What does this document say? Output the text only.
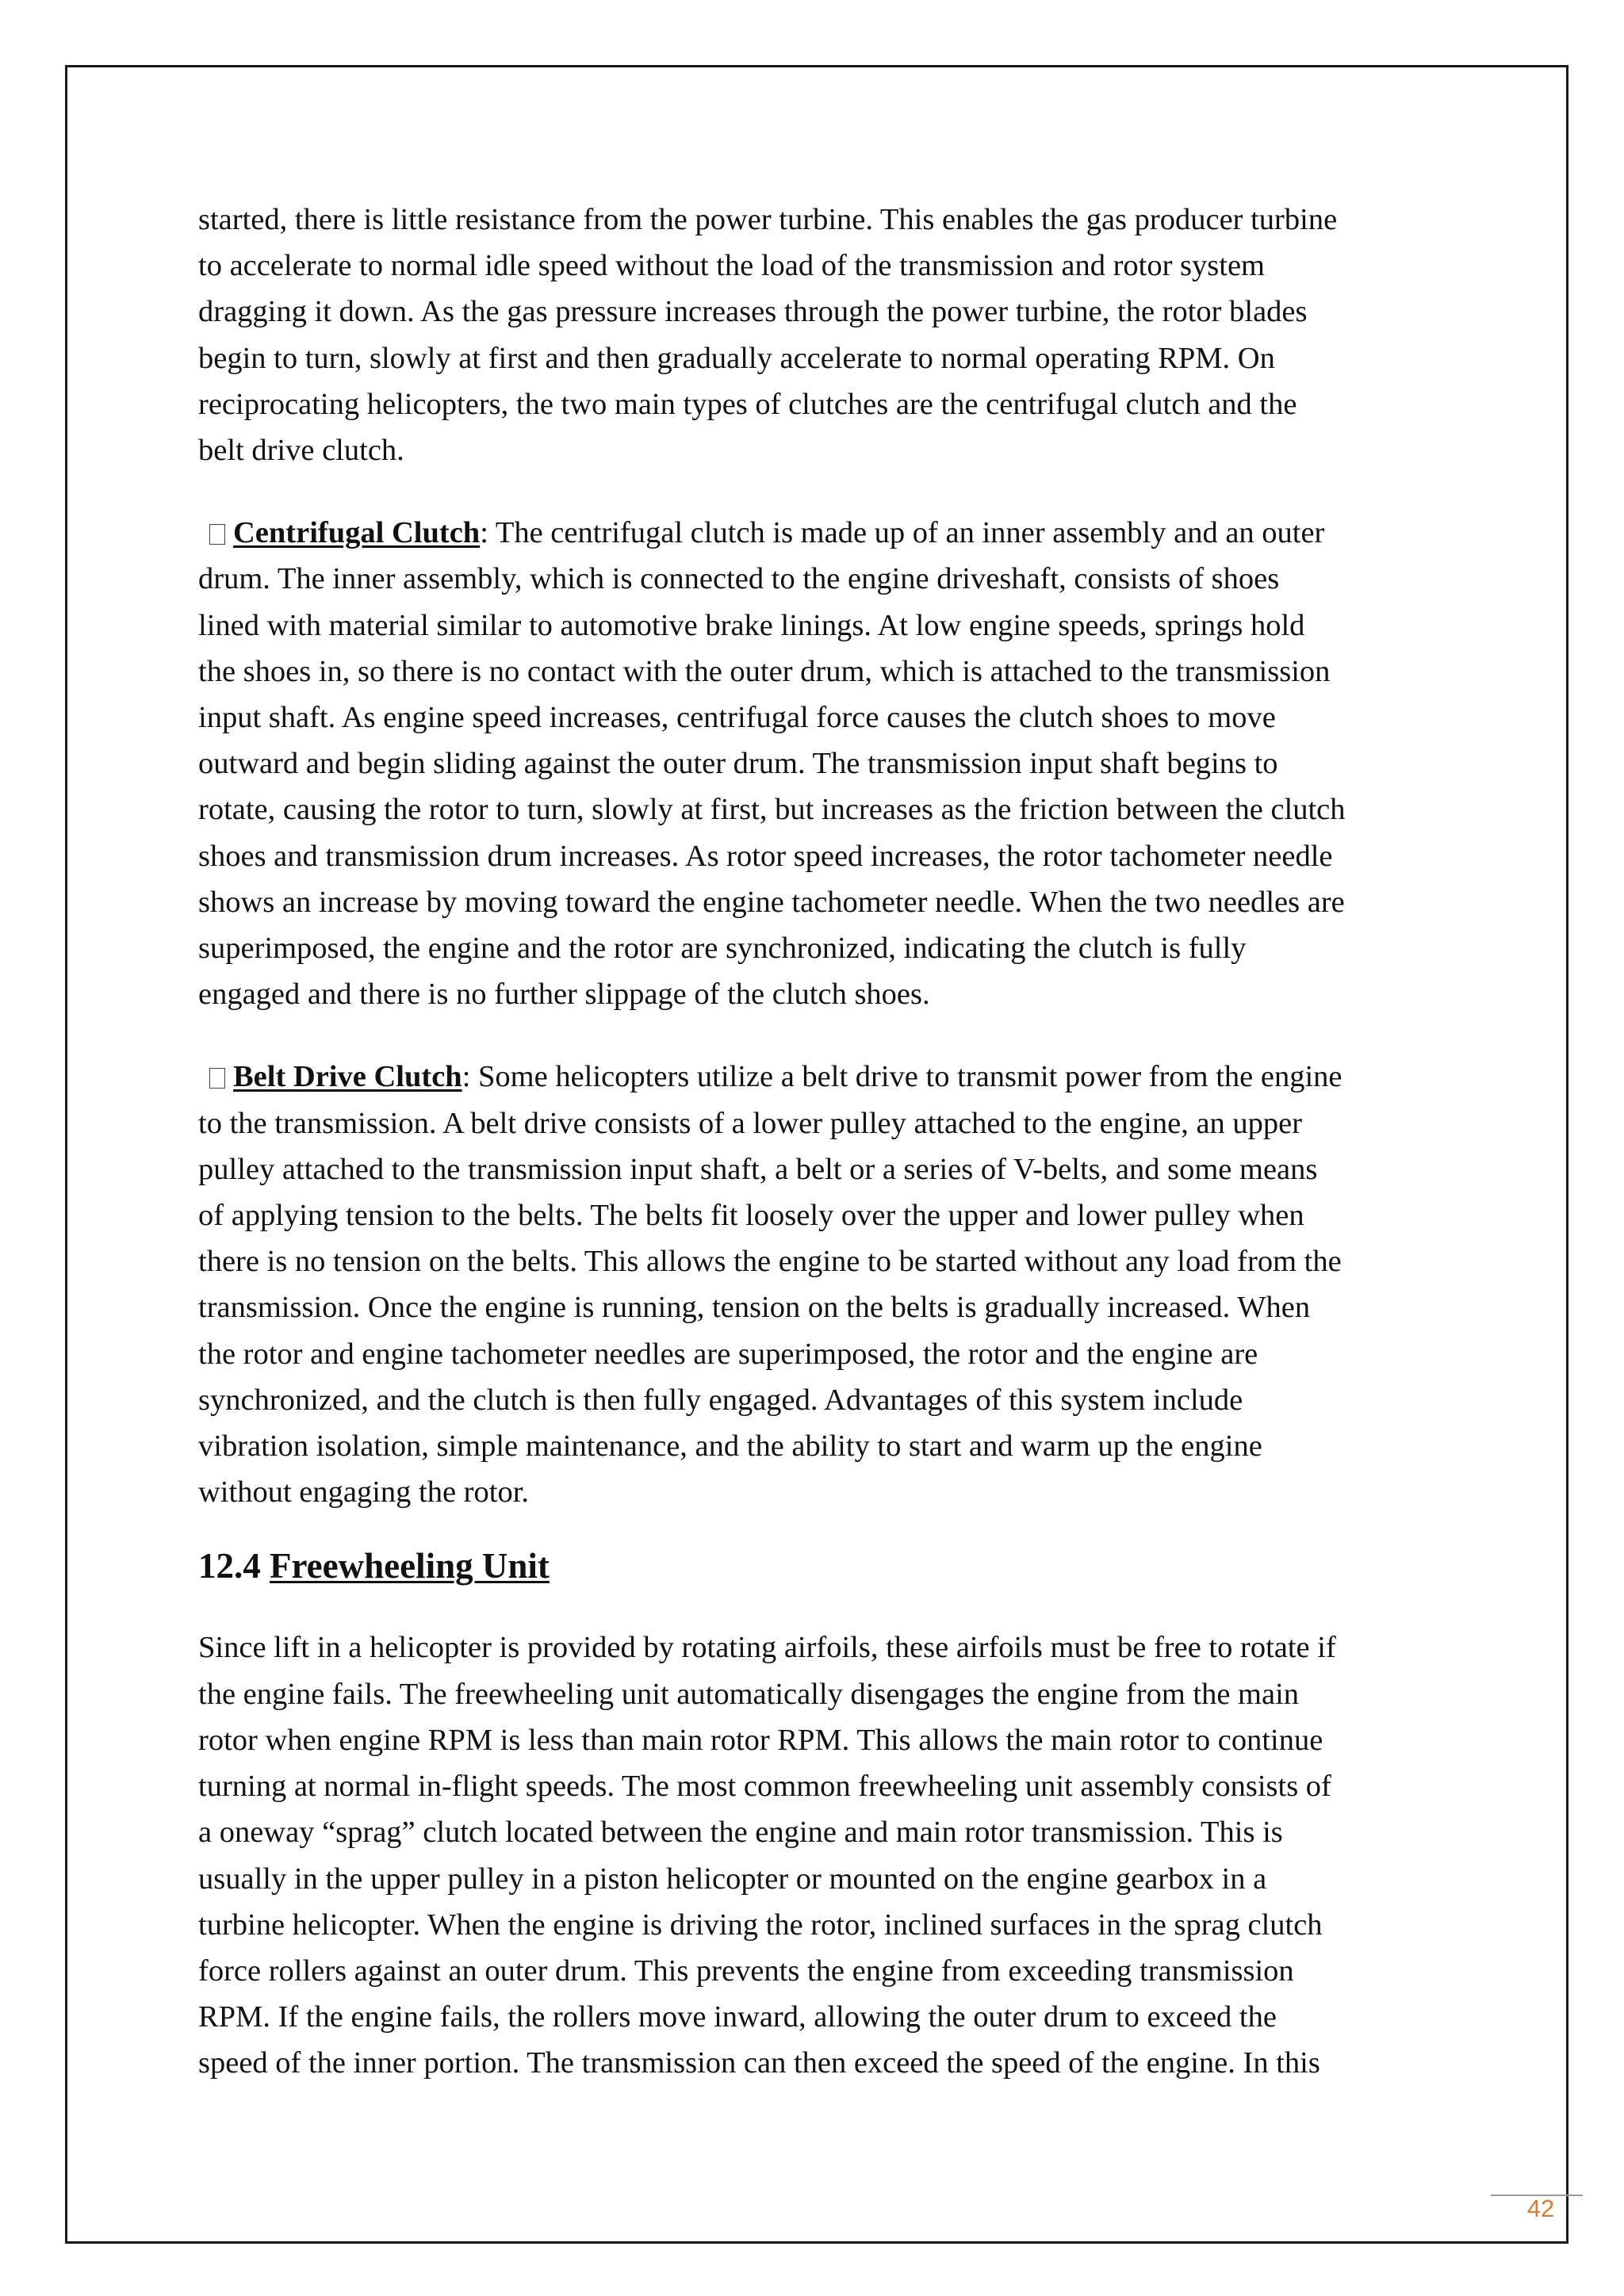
started, there is little resistance from the power turbine. This enables the gas producer turbine
to accelerate to normal idle speed without the load of the transmission and rotor system
dragging it down. As the gas pressure increases through the power turbine, the rotor blades
begin to turn, slowly at first and then gradually accelerate to normal operating RPM. On
reciprocating helicopters, the two main types of clutches are the centrifugal clutch and the
belt drive clutch.

Centrifugal Clutch: The centrifugal clutch is made up of an inner assembly and an outer
drum. The inner assembly, which is connected to the engine driveshaft, consists of shoes
lined with material similar to automotive brake linings. At low engine speeds, springs hold
the shoes in, so there is no contact with the outer drum, which is attached to the transmission
input shaft. As engine speed increases, centrifugal force causes the clutch shoes to move
outward and begin sliding against the outer drum. The transmission input shaft begins to
rotate, causing the rotor to turn, slowly at first, but increases as the friction between the clutch
shoes and transmission drum increases. As rotor speed increases, the rotor tachometer needle
shows an increase by moving toward the engine tachometer needle. When the two needles are
superimposed, the engine and the rotor are synchronized, indicating the clutch is fully
engaged and there is no further slippage of the clutch shoes.

Belt Drive Clutch: Some helicopters utilize a belt drive to transmit power from the engine
to the transmission. A belt drive consists of a lower pulley attached to the engine, an upper
pulley attached to the transmission input shaft, a belt or a series of V-belts, and some means
of applying tension to the belts. The belts fit loosely over the upper and lower pulley when
there is no tension on the belts. This allows the engine to be started without any load from the
transmission. Once the engine is running, tension on the belts is gradually increased. When
the rotor and engine tachometer needles are superimposed, the rotor and the engine are
synchronized, and the clutch is then fully engaged. Advantages of this system include
vibration isolation, simple maintenance, and the ability to start and warm up the engine
without engaging the rotor.

12.4 Freewheeling Unit

Since lift in a helicopter is provided by rotating airfoils, these airfoils must be free to rotate if
the engine fails. The freewheeling unit automatically disengages the engine from the main
rotor when engine RPM is less than main rotor RPM. This allows the main rotor to continue
turning at normal in-flight speeds. The most common freewheeling unit assembly consists of
a oneway “sprag” clutch located between the engine and main rotor transmission. This is
usually in the upper pulley in a piston helicopter or mounted on the engine gearbox in a
turbine helicopter. When the engine is driving the rotor, inclined surfaces in the sprag clutch
force rollers against an outer drum. This prevents the engine from exceeding transmission
RPM. If the engine fails, the rollers move inward, allowing the outer drum to exceed the
speed of the inner portion. The transmission can then exceed the speed of the engine. In this

42
